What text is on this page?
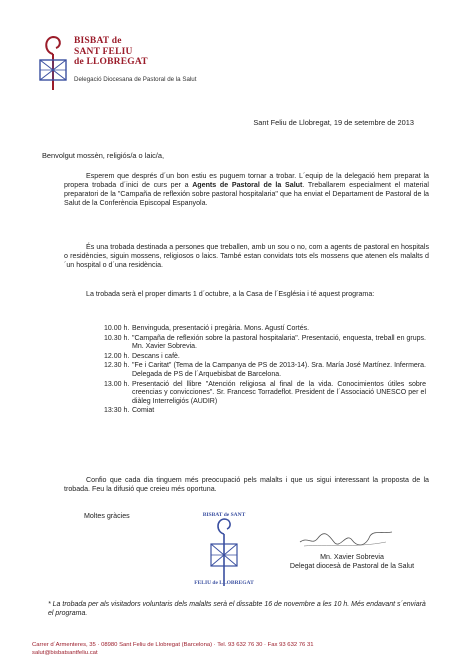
BISBAT de
SANT FELIU
de LLOBREGAT
Delegació Diocesana de Pastoral de la Salut
Sant Feliu de Llobregat, 19 de setembre de 2013
Benvolgut mossèn, religiós/a o laic/a,
Esperem que després d´un bon estiu es puguem tornar a trobar. L´equip de la delegació hem preparat la propera trobada d´inici de curs per a Agents de Pastoral de la Salut. Treballarem especialment el material preparatori de la "Campaña de reflexión sobre pastoral hospitalaria" que ha enviat el Departament de Pastoral de la Salut de la Conferència Episcopal Espanyola.
És una trobada destinada a persones que treballen, amb un sou o no, com a agents de pastoral en hospitals o residències, siguin mossens, religiosos o laics. També estan convidats tots els mossens que atenen els malalts d´un hospital o d´una residència.
La trobada serà el proper dimarts 1 d´octubre, a la Casa de l´Església i té aquest programa:
10.00 h. Benvinguda, presentació i pregària. Mons. Agustí Cortés.
10.30 h. "Campaña de reflexión sobre la pastoral hospitalaria". Presentació, enquesta, treball en grups. Mn. Xavier Sobrevia.
12.00 h. Descans i cafè.
12.30 h. "Fe i Caritat" (Tema de la Campanya de PS de 2013-14). Sra. María José Martínez. Infermera. Delegada de PS de l´Arquebisbat de Barcelona.
13.00 h. Presentació del llibre "Atención religiosa al final de la vida. Conocimientos útiles sobre creencias y convicciones". Sr. Francesc Torradeflot. President de l´Associació UNESCO per el diàleg Interreligiós (AUDIR)
13:30 h. Comiat
Confio que cada dia tinguem més preocupació pels malalts i que us sigui interessant la proposta de la trobada. Feu la difusió que creieu més oportuna.
Moltes gràcies	BISBAT de SANT
FELIU de LLOBREGAT
Mn. Xavier Sobrevia
Delegat diocesà de Pastoral de la Salut
* La trobada per als visitadors voluntaris dels malalts serà el dissabte 16 de novembre a les 10 h. Més endavant s´enviarà el programa.
Carrer d´Armenteres, 35 · 08980 Sant Feliu de Llobregat (Barcelona) · Tel. 93 632 76 30 · Fax 93 632 76 31
salut@bisbatsantfeliu.cat
